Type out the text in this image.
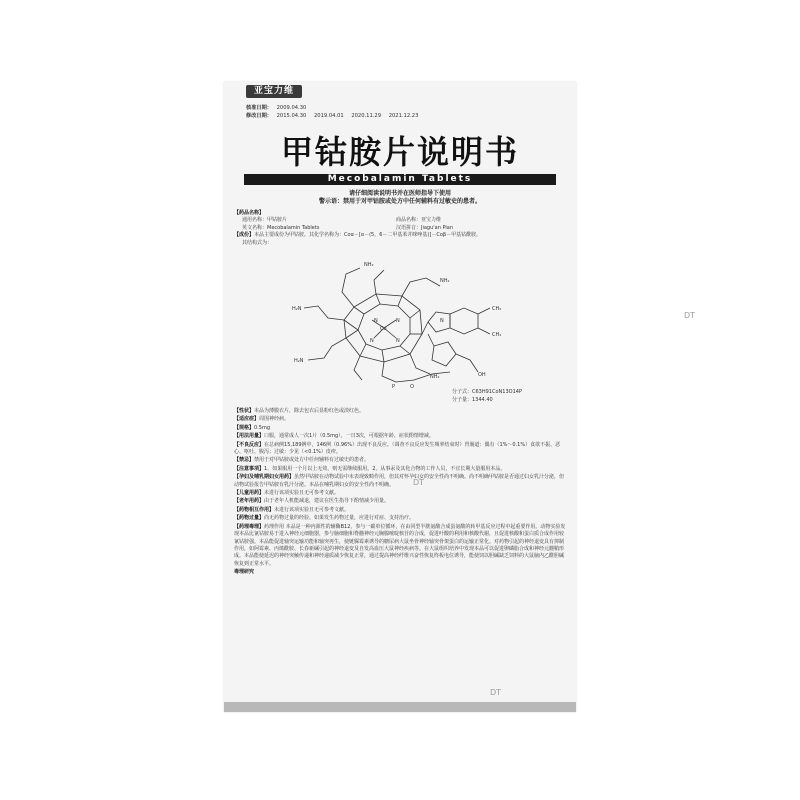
亚宝力维
核准日期： 2009.04.30
修改日期： 2015.04.30 2019.04.01 2020.11.29 2021.12.23
甲钴胺片说明书
Mecobalamin Tablets
请仔细阅读说明书并在医师指导下使用
警示语：禁用于对甲钴胺或处方中任何辅料有过敏史的患者。
【药品名称】
通用名称：甲钴胺片	商品名称：亚宝力维
英文名称：Mecobalamin Tablets	汉语拼音：Jiagu'an Pian
【成份】本品主要成份为甲钴胺。其化学名称为：Coα－[α－(5，6－二甲基苯并咪唑基)]－Coβ－甲基钴酰胺。
其结构式为：
Co
NH₂
H₂N
H₂N
NH₂
NH₂
O
P
CH₃
CH₃
OH
N	N
N	N
N
分子式：C63H91CoN13O14P
分子量：1344.40
【性状】本品为薄膜衣片，除去包衣后显粉红色或淡红色。
【适应症】周围神经病。
【规格】0.5mg
【用法用量】口服，通常成人一次1片（0.5mg），一日3次，可根据年龄、症状酌情增减。
【不良反应】在总病例15,189例中，146例（0.96%）出现不良反应。（调查不良反应发生频率结束时）胃肠道：偶有（1%～0.1%）食欲不振、恶心、呕吐、腹泻；过敏：少见（<0.1%）皮疹。
【禁忌】禁用于对甲钴胺或处方中任何辅料有过敏史的患者。
【注意事项】1、如果服用一个月以上无效，则无需继续服用。2、从事汞及其化合物的工作人员，不宜长期大量服用本品。
【孕妇及哺乳期妇女用药】虽然甲钴胺在动物试验中未表现致畸作用，但其对怀孕妇女的安全性尚不明确。尚不明确甲钴胺是否通过妇女乳汁分泌，但动物试验报告甲钴胺有乳汁分泌。本品在哺乳期妇女的安全性尚不明确。
【儿童用药】未进行该项实验且无可参考文献。
【老年用药】由于老年人机能减退，建议在医生指导下酌情减少用量。
【药物相互作用】未进行该项实验且无可参考文献。
【药物过量】尚无药物过量的经验。如果发生药物过量，应进行对症、支持治疗。
【药理毒理】药理作用 本品是一种内源性的辅酶B12，参与一碳单位循环，在由同型半胱氨酸合成蛋氨酸的转甲基反应过程中起重要作用。动物实验发现本品比氰钴胺易于进入神经元细胞器，参与脑细胞和脊髓神经元胸腺嘧啶核苷的合成，促进叶酸的利用和核酸代谢，且促进核酸和蛋白质合成作用较氰钴胺强。本品能促进轴突运输功能和轴突再生，使链脲霉素诱导的糖尿病大鼠坐骨神经轴突骨架蛋白的运输正常化。对药物引起的神经退变具有抑制作用，如阿霉素、丙烯酰胺、长春新碱引起的神经退变及自发高血压大鼠神经疾病等。在大鼠组织培养中发现本品可以促进卵磷脂合成和神经元髓鞘形成。本品能使延迟的神经突触传递和神经递质减少恢复正常，通过提高神经纤维兴奋性恢复终板电位诱导，能使饲以胆碱缺乏饲料的大鼠脑内乙酰胆碱恢复到正常水平。
毒理研究
DT
DT
DT
